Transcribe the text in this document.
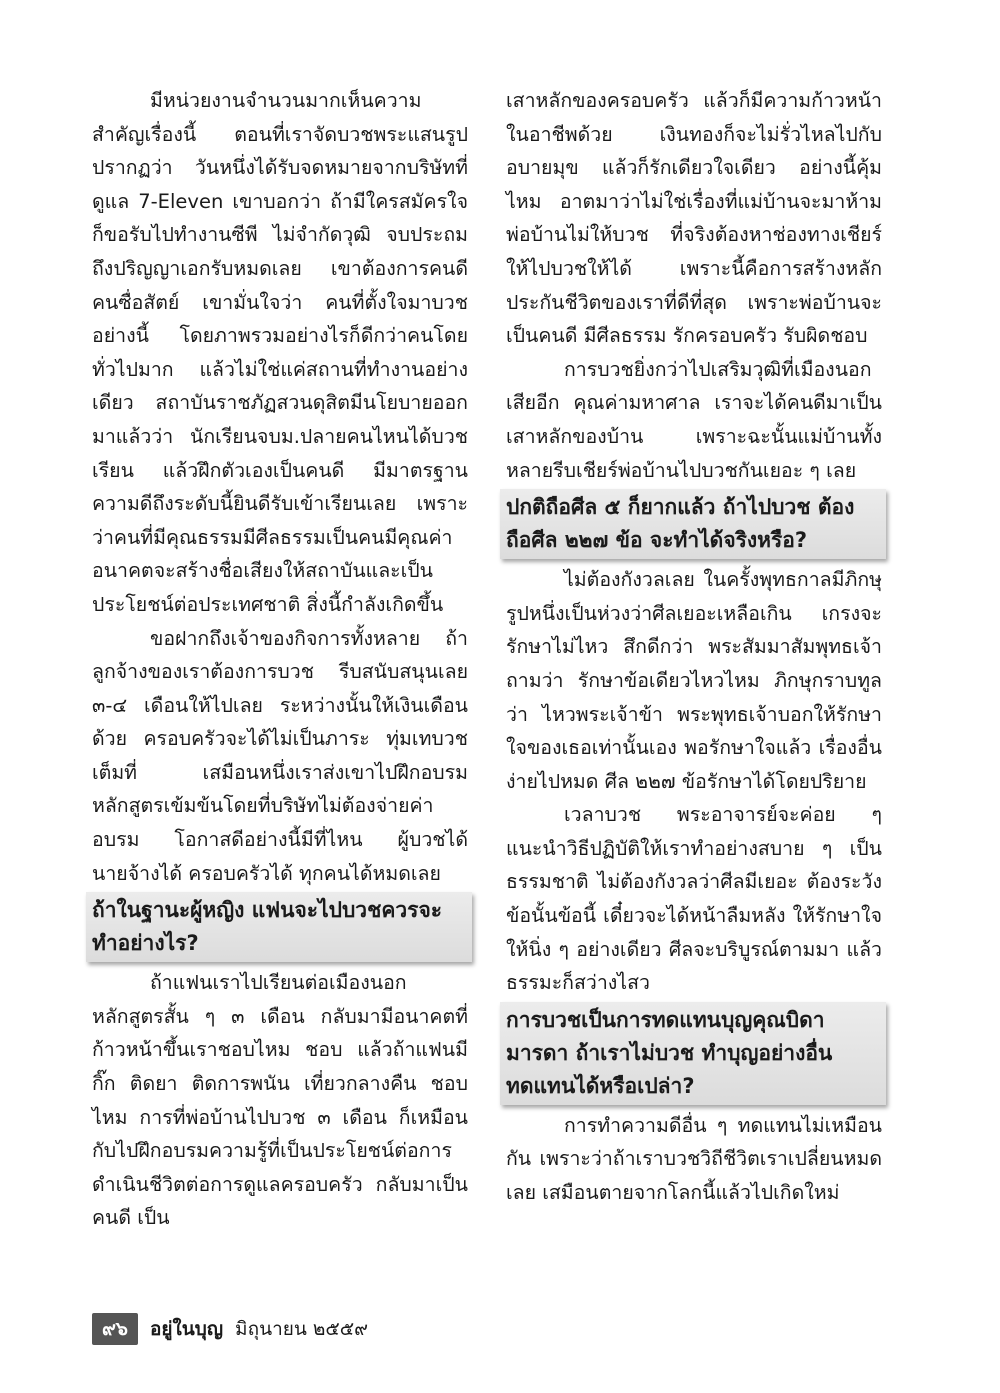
มีหน่วยงานจำนวนมากเห็นความสำคัญเรื่องนี้ ตอนที่เราจัดบวชพระแสนรูป ปรากฏว่า วันหนึ่งได้รับจดหมายจากบริษัทที่ดูแล 7-Eleven เขาบอกว่า ถ้ามีใครสมัครใจก็ขอรับไปทำงานซีพี ไม่จำกัดวุฒิ จบประถมถึงปริญญาเอกรับหมดเลย เขาต้องการคนดีคนซื่อสัตย์ เขามั่นใจว่า คนที่ตั้งใจมาบวชอย่างนี้ โดยภาพรวมอย่างไรก็ดีกว่าคนโดยทั่วไปมาก แล้วไม่ใช่แค่สถานที่ทำงานอย่างเดียว สถาบันราชภัฏสวนดุสิตมีนโยบายออกมาแล้วว่า นักเรียนจบม.ปลายคนไหนได้บวชเรียน แล้วฝึกตัวเองเป็นคนดี มีมาตรฐานความดีถึงระดับนี้ยินดีรับเข้าเรียนเลย เพราะว่าคนที่มีคุณธรรมมีศีลธรรมเป็นคนมีคุณค่าอนาคตจะสร้างชื่อเสียงให้สถาบันและเป็นประโยชน์ต่อประเทศชาติ สิ่งนี้กำลังเกิดขึ้น

ขอฝากถึงเจ้าของกิจการทั้งหลาย ถ้าลูกจ้างของเราต้องการบวช รีบสนับสนุนเลย ๓-๔ เดือนให้ไปเลย ระหว่างนั้นให้เงินเดือนด้วย ครอบครัวจะได้ไม่เป็นภาระ ทุ่มเทบวชเต็มที่ เสมือนหนึ่งเราส่งเขาไปฝึกอบรมหลักสูตรเข้มข้นโดยที่บริษัทไม่ต้องจ่ายค่าอบรม โอกาสดีอย่างนี้มีที่ไหน ผู้บวชได้นายจ้างได้ ครอบครัวได้ ทุกคนได้หมดเลย

ถ้าในฐานะผู้หญิง แฟนจะไปบวชควรจะทำอย่างไร?

ถ้าแฟนเราไปเรียนต่อเมืองนอก หลักสูตรสั้น ๆ ๓ เดือน กลับมามีอนาคตที่ก้าวหน้าขึ้นเราชอบไหม ชอบ แล้วถ้าแฟนมีกิ๊ก ติดยา ติดการพนัน เที่ยวกลางคืน ชอบไหม การที่พ่อบ้านไปบวช ๓ เดือน ก็เหมือนกับไปฝึกอบรมความรู้ที่เป็นประโยชน์ต่อการดำเนินชีวิตต่อการดูแลครอบครัว กลับมาเป็นคนดี เป็น

เสาหลักของครอบครัว แล้วก็มีความก้าวหน้าในอาชีพด้วย เงินทองก็จะไม่รั่วไหลไปกับอบายมุข แล้วก็รักเดียวใจเดียว อย่างนี้คุ้มไหม อาตมาว่าไม่ใช่เรื่องที่แม่บ้านจะมาห้ามพ่อบ้านไม่ให้บวช ที่จริงต้องหาช่องทางเชียร์ให้ไปบวชให้ได้ เพราะนี้คือการสร้างหลักประกันชีวิตของเราที่ดีที่สุด เพราะพ่อบ้านจะเป็นคนดี มีศีลธรรม รักครอบครัว รับผิดชอบ

การบวชยิ่งกว่าไปเสริมวุฒิที่เมืองนอกเสียอีก คุณค่ามหาศาล เราจะได้คนดีมาเป็นเสาหลักของบ้าน เพราะฉะนั้นแม่บ้านทั้งหลายรีบเชียร์พ่อบ้านไปบวชกันเยอะ ๆ เลย

ปกติถือศีล ๕ ก็ยากแล้ว ถ้าไปบวช ต้องถือศีล ๒๒๗ ข้อ จะทำได้จริงหรือ?

ไม่ต้องกังวลเลย ในครั้งพุทธกาลมีภิกษุรูปหนึ่งเป็นห่วงว่าศีลเยอะเหลือเกิน เกรงจะรักษาไม่ไหว สึกดีกว่า พระสัมมาสัมพุทธเจ้าถามว่า รักษาข้อเดียวไหวไหม ภิกษุกราบทูลว่า ไหวพระเจ้าข้า พระพุทธเจ้าบอกให้รักษาใจของเธอเท่านั้นเอง พอรักษาใจแล้ว เรื่องอื่นง่ายไปหมด ศีล ๒๒๗ ข้อรักษาได้โดยปริยาย

เวลาบวช พระอาจารย์จะค่อย ๆ แนะนำวิธีปฏิบัติให้เราทำอย่างสบาย ๆ เป็นธรรมชาติ ไม่ต้องกังวลว่าศีลมีเยอะ ต้องระวังข้อนั้นข้อนี้ เดี๋ยวจะได้หน้าลืมหลัง ให้รักษาใจให้นิ่ง ๆ อย่างเดียว ศีลจะบริบูรณ์ตามมา แล้วธรรมะก็สว่างไสว

การบวชเป็นการทดแทนบุญคุณบิดามารดา ถ้าเราไม่บวช ทำบุญอย่างอื่นทดแทนได้หรือเปล่า?

การทำความดีอื่น ๆ ทดแทนไม่เหมือนกัน เพราะว่าถ้าเราบวชวิถีชีวิตเราเปลี่ยนหมดเลย เสมือนตายจากโลกนี้แล้วไปเกิดใหม่

๙๖	อยู่ในบุญ มิถุนายน ๒๕๕๙
